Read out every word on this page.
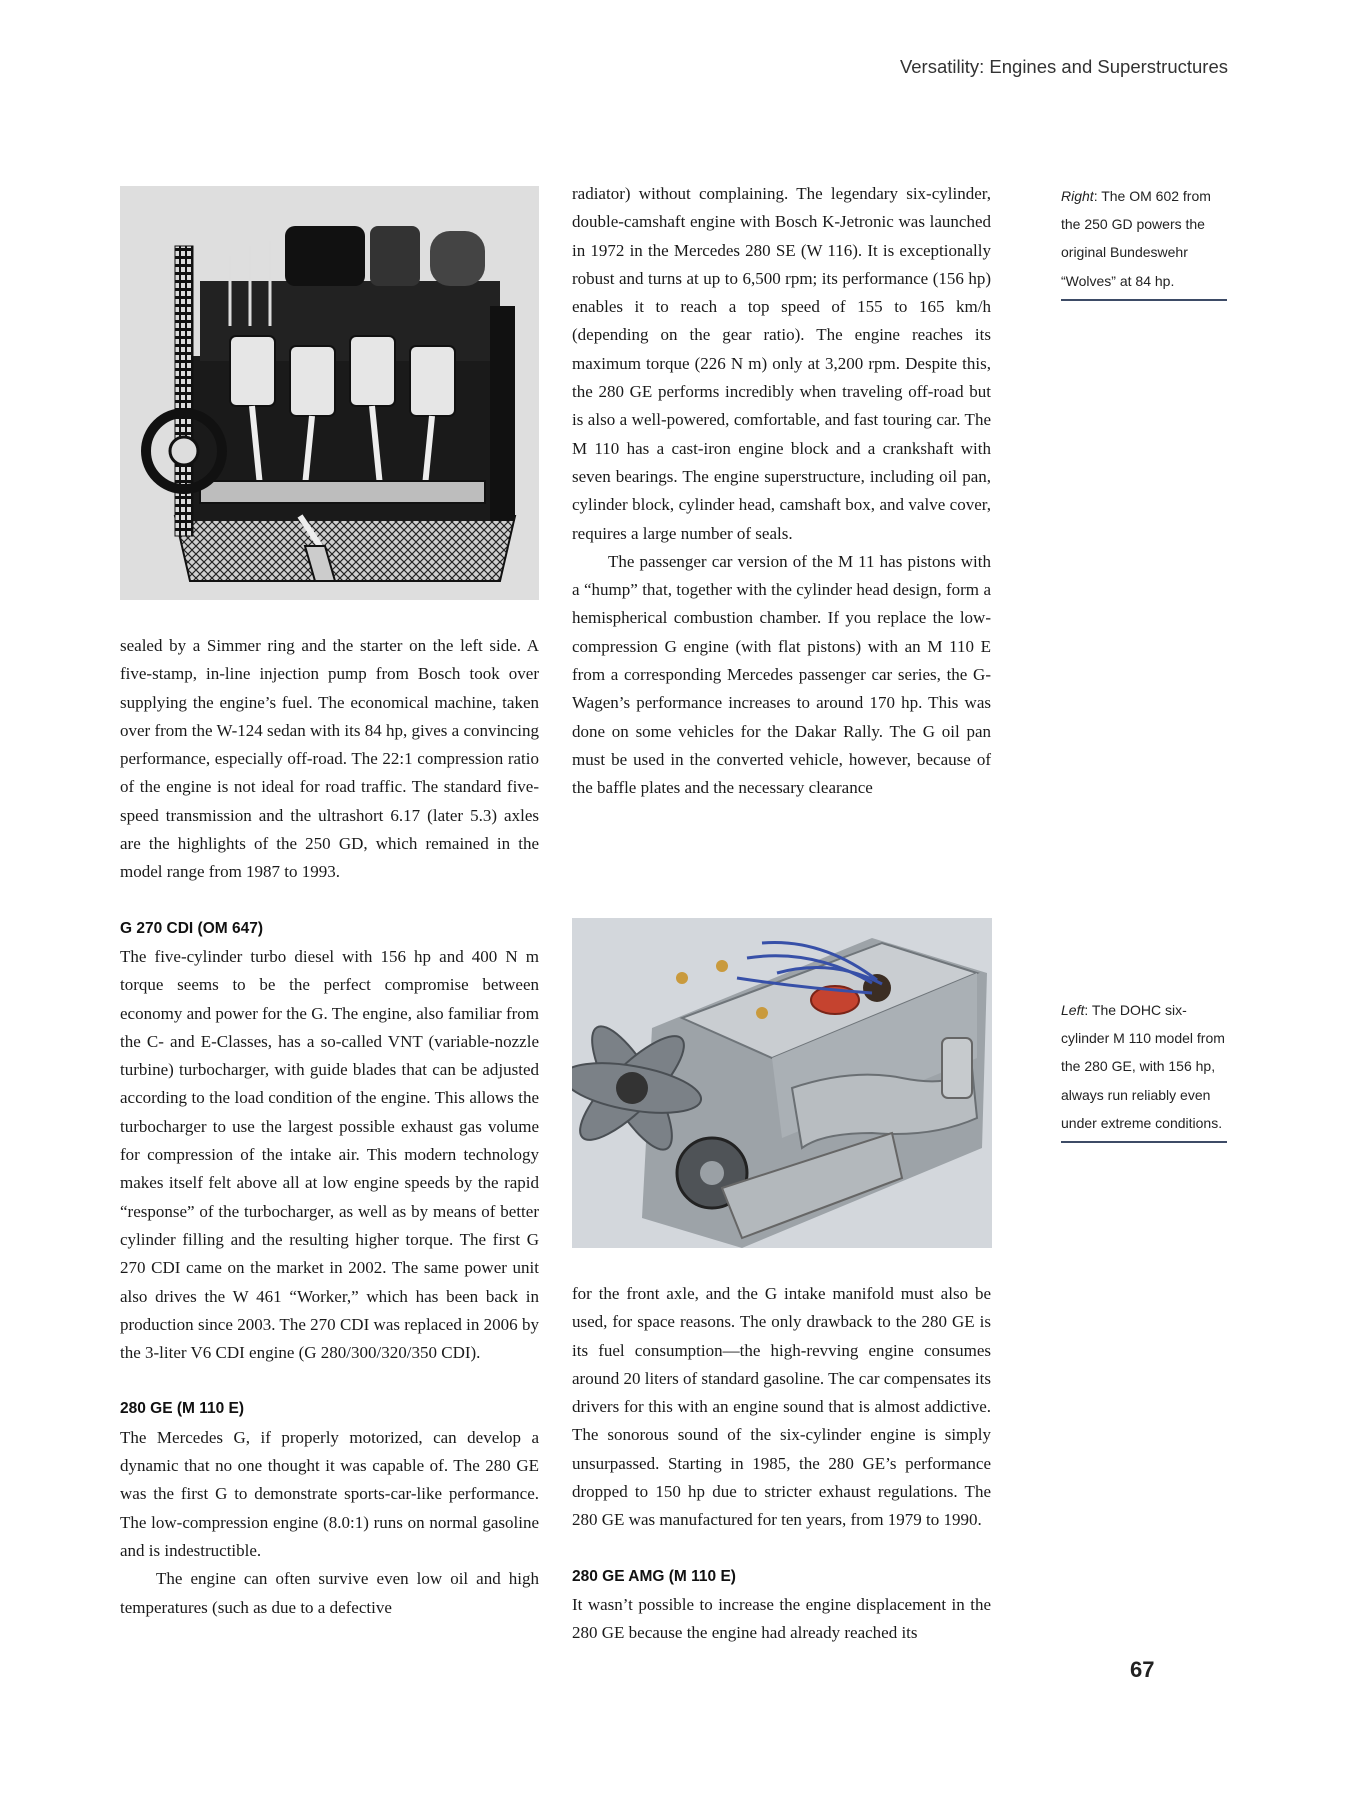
Versatility: Engines and Superstructures

sealed by a Simmer ring and the starter on the left side. A five-stamp, in-line injection pump from Bosch took over supplying the engine’s fuel. The economical machine, taken over from the W-124 sedan with its 84 hp, gives a convincing performance, especially off-road. The 22:1 compression ratio of the engine is not ideal for road traffic. The standard five-speed transmission and the ultrashort 6.17 (later 5.3) axles are the highlights of the 250 GD, which remained in the model range from 1987 to 1993.

G 270 CDI (OM 647)

The five-cylinder turbo diesel with 156 hp and 400 N m torque seems to be the perfect compromise between economy and power for the G. The engine, also familiar from the C- and E-Classes, has a so-called VNT (variable-nozzle turbine) turbocharger, with guide blades that can be adjusted according to the load condition of the engine. This allows the turbocharger to use the largest possible exhaust gas volume for compression of the intake air. This modern technology makes itself felt above all at low engine speeds by the rapid “response” of the turbocharger, as well as by means of better cylinder filling and the resulting higher torque. The first G 270 CDI came on the market in 2002. The same power unit also drives the W 461 “Worker,” which has been back in production since 2003. The 270 CDI was replaced in 2006 by the 3-liter V6 CDI engine (G 280/300/320/350 CDI).

280 GE (M 110 E)

The Mercedes G, if properly motorized, can develop a dynamic that no one thought it was capable of. The 280 GE was the first G to demonstrate sports-car-like performance. The low-compression engine (8.0:1) runs on normal gasoline and is indestructible.

The engine can often survive even low oil and high temperatures (such as due to a defective

radiator) without complaining. The legendary six-cylinder, double-camshaft engine with Bosch K-Jetronic was launched in 1972 in the Mercedes 280 SE (W 116). It is exceptionally robust and turns at up to 6,500 rpm; its performance (156 hp) enables it to reach a top speed of 155 to 165 km/h (depending on the gear ratio). The engine reaches its maximum torque (226 N m) only at 3,200 rpm. Despite this, the 280 GE performs incredibly when traveling off-road but is also a well-powered, comfortable, and fast touring car. The M 110 has a cast-iron engine block and a crankshaft with seven bearings. The engine superstructure, including oil pan, cylinder block, cylinder head, camshaft box, and valve cover, requires a large number of seals.

The passenger car version of the M 11 has pistons with a “hump” that, together with the cylinder head design, form a hemispherical combustion chamber. If you replace the low-compression G engine (with flat pistons) with an M 110 E from a corresponding Mercedes passenger car series, the G-Wagen’s performance increases to around 170 hp. This was done on some vehicles for the Dakar Rally. The G oil pan must be used in the converted vehicle, however, because of the baffle plates and the necessary clearance

for the front axle, and the G intake manifold must also be used, for space reasons. The only drawback to the 280 GE is its fuel consumption—the high-revving engine consumes around 20 liters of standard gasoline. The car compensates its drivers for this with an engine sound that is almost addictive. The sonorous sound of the six-cylinder engine is simply unsurpassed. Starting in 1985, the 280 GE’s performance dropped to 150 hp due to stricter exhaust regulations. The 280 GE was manufactured for ten years, from 1979 to 1990.

280 GE AMG (M 110 E)

It wasn’t possible to increase the engine displacement in the 280 GE because the engine had already reached its

Right: The OM 602 from the 250 GD powers the original Bundeswehr “Wolves” at 84 hp.
Left: The DOHC six-cylinder M 110 model from the 280 GE, with 156 hp, always run reliably even under extreme conditions.
67
